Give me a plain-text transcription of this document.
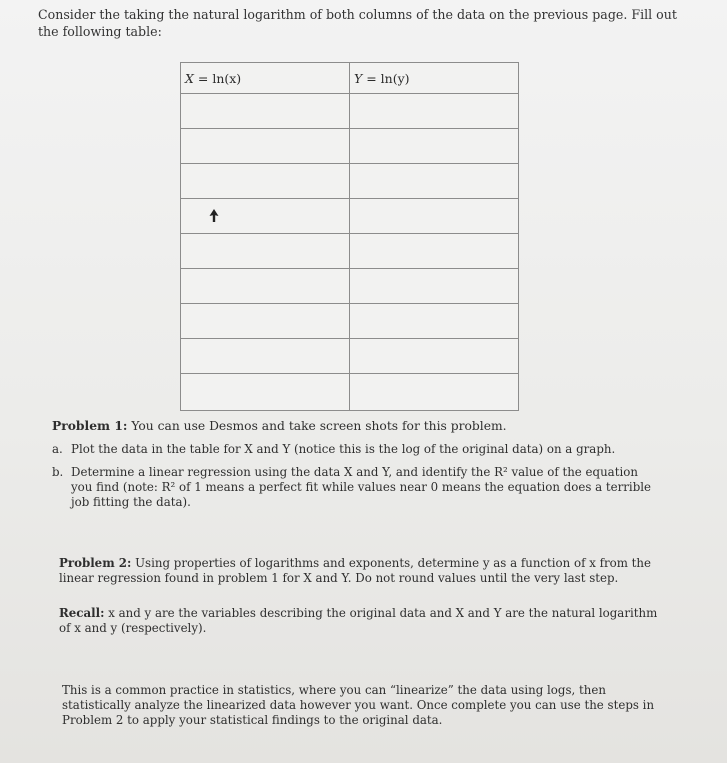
Consider the taking the natural logarithm of both columns of the data on the previous page. Fill out the following table:
X = ln(x)	Y = ln(y)

Problem 1: You can use Desmos and take screen shots for this problem.
a. Plot the data in the table for X and Y (notice this is the log of the original data) on a graph.
b. Determine a linear regression using the data X and Y, and identify the R² value of the equation you find (note: R² of 1 means a perfect fit while values near 0 means the equation does a terrible job fitting the data).
Problem 2: Using properties of logarithms and exponents, determine y as a function of x from the linear regression found in problem 1 for X and Y. Do not round values until the very last step.
Recall: x and y are the variables describing the original data and X and Y are the natural logarithm of x and y (respectively).
This is a common practice in statistics, where you can “linearize” the data using logs, then statistically analyze the linearized data however you want. Once complete you can use the steps in Problem 2 to apply your statistical findings to the original data.
